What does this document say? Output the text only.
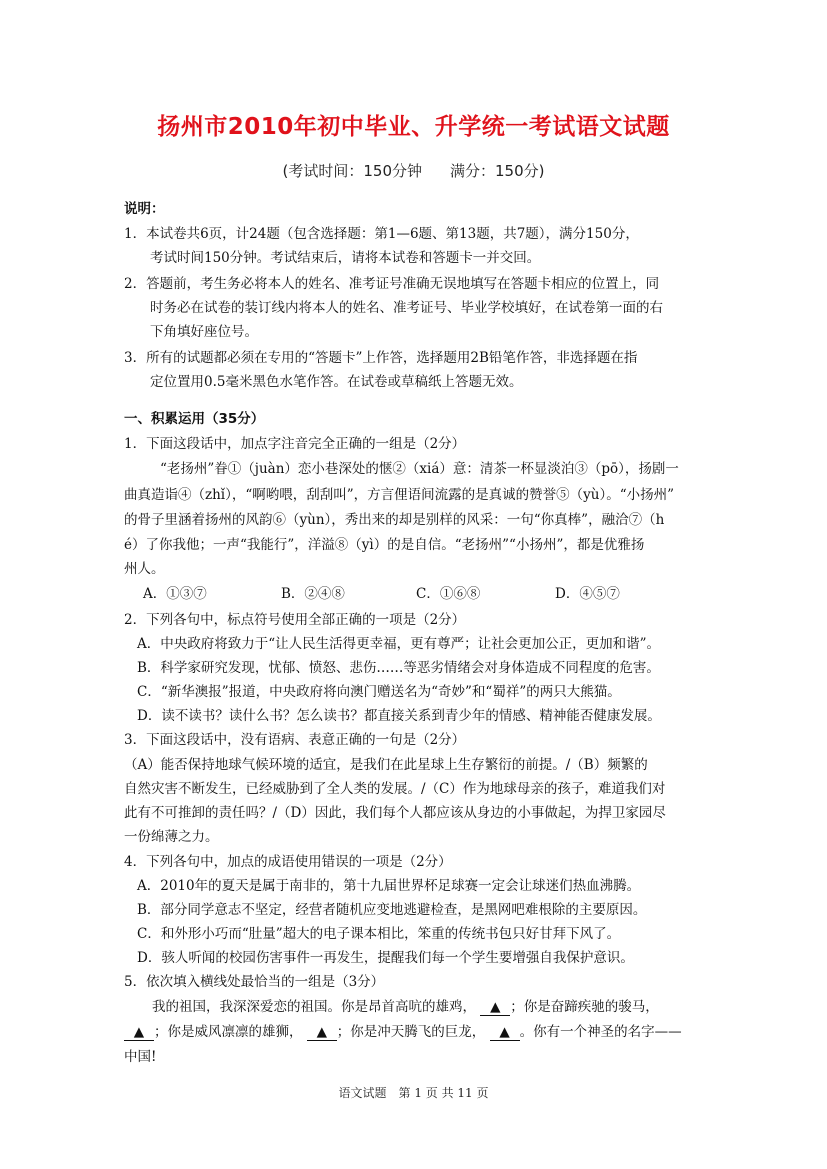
扬州市2010年初中毕业、升学统一考试语文试题
(考试时间：150分钟 满分：150分)
说明：
1．本试卷共6页，计24题（包含选择题：第1—6题、第13题，共7题），满分150分，
考试时间150分钟。考试结束后，请将本试卷和答题卡一并交回。
2．答题前，考生务必将本人的姓名、准考证号准确无误地填写在答题卡相应的位置上，同
时务必在试卷的装订线内将本人的姓名、准考证号、毕业学校填好，在试卷第一面的右
下角填好座位号。
3．所有的试题都必须在专用的“答题卡”上作答，选择题用2B铅笔作答，非选择题在指
定位置用0.5毫米黑色水笔作答。在试卷或草稿纸上答题无效。
一、积累运用（35分）
1．下面这段话中，加点字注音完全正确的一组是（2分）
“老扬州”眷①（juàn）恋小巷深处的惬②（xiá）意：清茶一杯显淡泊③（pō），扬剧一
曲真造诣④（zhǐ），“啊哟喂，刮刮叫”，方言俚语间流露的是真诚的赞誉⑤（yù）。“小扬州”
的骨子里涵着扬州的风韵⑥（yùn），秀出来的却是别样的风采：一句“你真棒”，融洽⑦（h
é）了你我他；一声“我能行”，洋溢⑧（yì）的是自信。“老扬州”“小扬州”，都是优雅扬
州人。
A．①③⑦	B．②④⑧	C．①⑥⑧	D．④⑤⑦
2．下列各句中，标点符号使用全部正确的一项是（2分）
A．中央政府将致力于“让人民生活得更幸福，更有尊严；让社会更加公正，更加和谐”。
B．科学家研究发现，忧郁、愤怒、悲伤……等恶劣情绪会对身体造成不同程度的危害。
C．“新华澳报”报道，中央政府将向澳门赠送名为“奇妙”和“蜀祥”的两只大熊猫。
D．读不读书？读什么书？怎么读书？都直接关系到青少年的情感、精神能否健康发展。
3．下面这段话中，没有语病、表意正确的一句是（2分）
（A）能否保持地球气候环境的适宜，是我们在此星球上生存繁衍的前提。/（B）频繁的
自然灾害不断发生，已经威胁到了全人类的发展。/（C）作为地球母亲的孩子，难道我们对
此有不可推卸的责任吗？/（D）因此，我们每个人都应该从身边的小事做起，为捍卫家园尽
一份绵薄之力。
4．下列各句中，加点的成语使用错误的一项是（2分）
A．2010年的夏天是属于南非的，第十九届世界杯足球赛一定会让球迷们热血沸腾。
B．部分同学意志不坚定，经营者随机应变地逃避检查，是黑网吧难根除的主要原因。
C．和外形小巧而“肚量”超大的电子课本相比，笨重的传统书包只好甘拜下风了。
D．骇人听闻的校园伤害事件一再发生，提醒我们每一个学生要增强自我保护意识。
5．依次填入横线处最恰当的一组是（3分）
我的祖国，我深深爱恋的祖国。你是昂首高吭的雄鸡， ▲ ；你是奋蹄疾驰的骏马，
▲ ；你是威风凛凛的雄狮， ▲ ；你是冲天腾飞的巨龙， ▲ 。你有一个神圣的名字——
中国!
语文试题　第 1 页 共 11 页
